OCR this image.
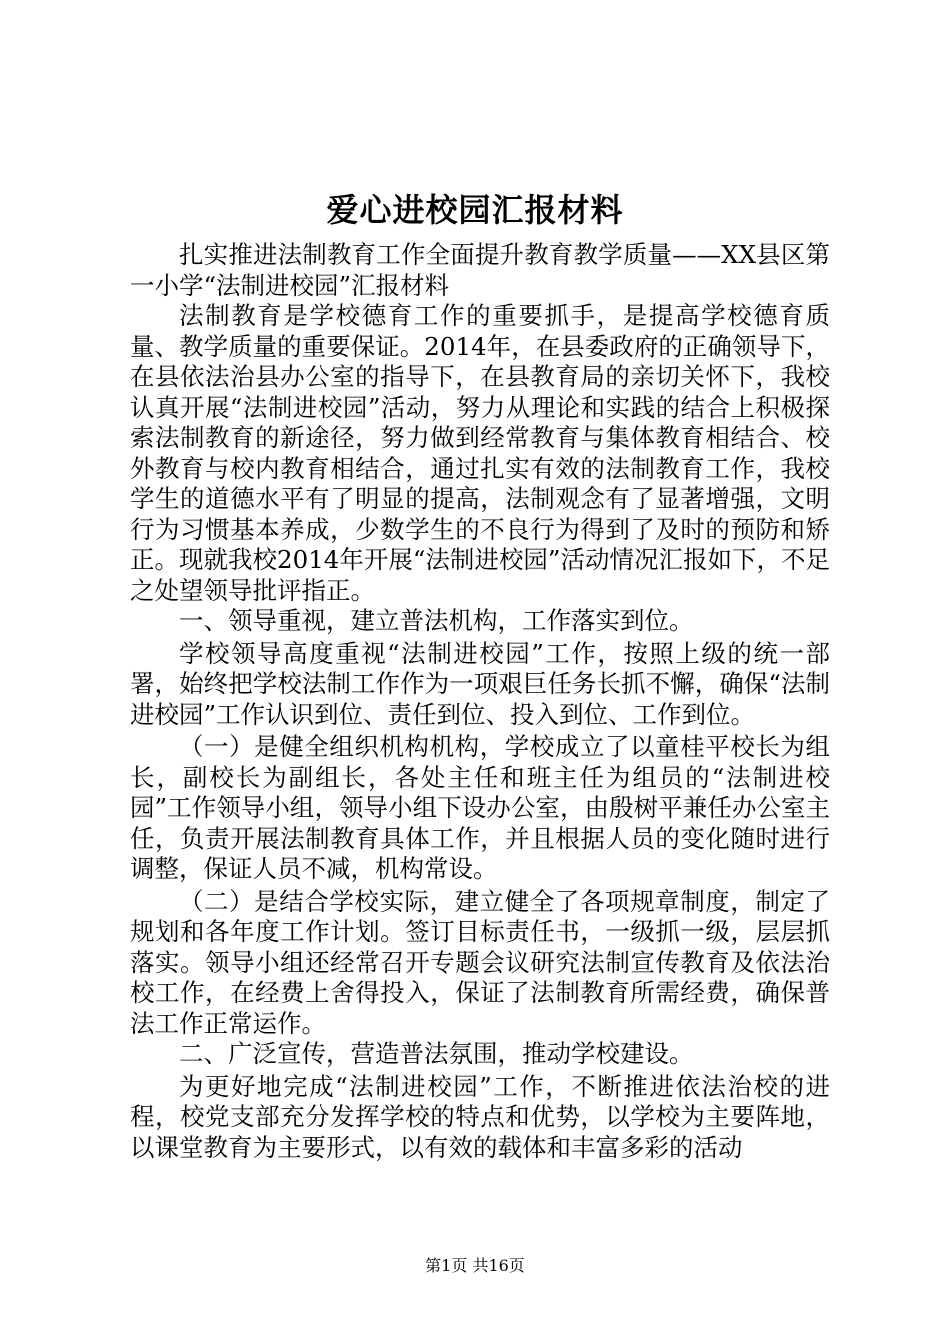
爱心进校园汇报材料

扎实推进法制教育工作全面提升教育教学质量——XX县区第一小学“法制进校园”汇报材料

法制教育是学校德育工作的重要抓手，是提高学校德育质量、教学质量的重要保证。2014年，在县委政府的正确领导下，在县依法治县办公室的指导下，在县教育局的亲切关怀下，我校认真开展“法制进校园”活动，努力从理论和实践的结合上积极探索法制教育的新途径，努力做到经常教育与集体教育相结合、校外教育与校内教育相结合，通过扎实有效的法制教育工作，我校学生的道德水平有了明显的提高，法制观念有了显著增强，文明行为习惯基本养成，少数学生的不良行为得到了及时的预防和矫正。现就我校2014年开展“法制进校园”活动情况汇报如下，不足之处望领导批评指正。

一、领导重视，建立普法机构，工作落实到位。

学校领导高度重视“法制进校园”工作，按照上级的统一部署，始终把学校法制工作作为一项艰巨任务长抓不懈，确保“法制进校园”工作认识到位、责任到位、投入到位、工作到位。

（一）是健全组织机构机构，学校成立了以童桂平校长为组长，副校长为副组长，各处主任和班主任为组员的“法制进校园”工作领导小组，领导小组下设办公室，由殷树平兼任办公室主任，负责开展法制教育具体工作，并且根据人员的变化随时进行调整，保证人员不减，机构常设。

（二）是结合学校实际，建立健全了各项规章制度，制定了规划和各年度工作计划。签订目标责任书，一级抓一级，层层抓落实。领导小组还经常召开专题会议研究法制宣传教育及依法治校工作，在经费上舍得投入，保证了法制教育所需经费，确保普法工作正常运作。

二、广泛宣传，营造普法氛围，推动学校建设。

为更好地完成“法制进校园”工作，不断推进依法治校的进程，校党支部充分发挥学校的特点和优势，以学校为主要阵地，以课堂教育为主要形式，以有效的载体和丰富多彩的活动

第1页 共16页
